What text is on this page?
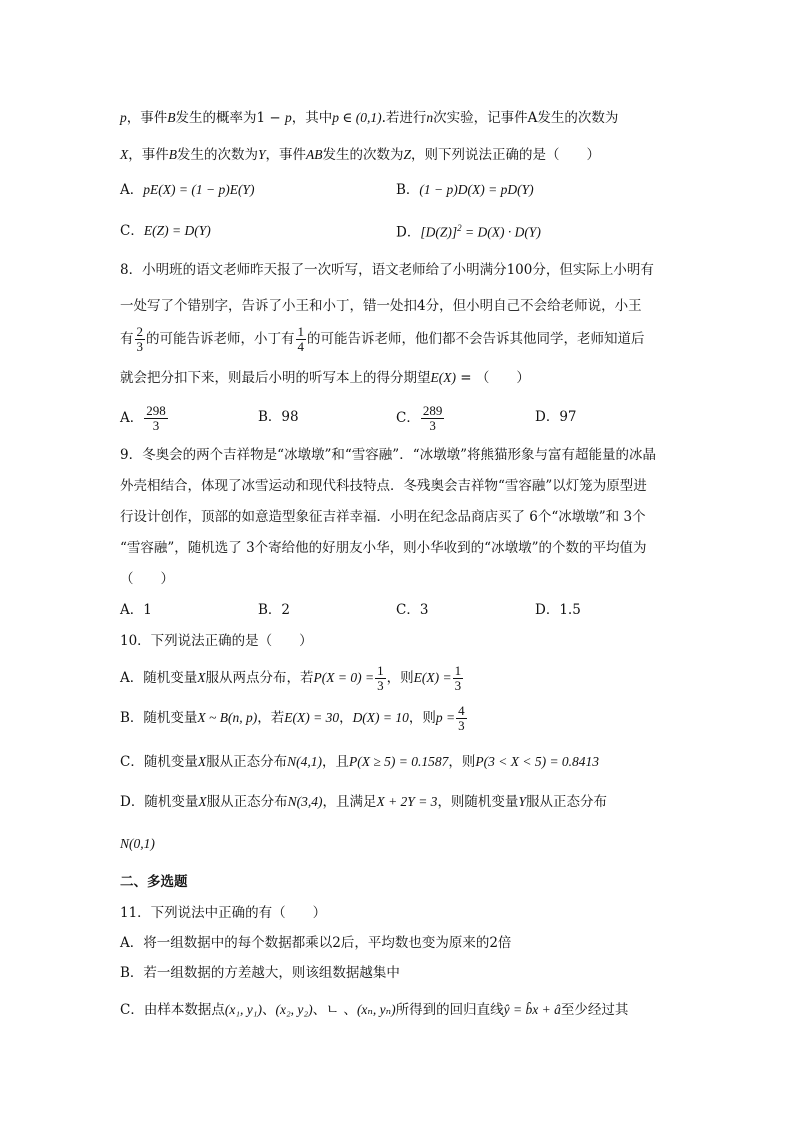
p，事件B发生的概率为1 − p，其中p ∈ (0,1).若进行n次实验，记事件A发生的次数为
X，事件B发生的次数为Y，事件AB发生的次数为Z，则下列说法正确的是（　　）
A．pE(X) = (1 − p)E(Y)	B．(1 − p)D(X) = pD(Y)
C．E(Z) = D(Y)	D．$[D(Z)]^2 = D(X) \cdot D(Y)$
8．小明班的语文老师昨天报了一次听写，语文老师给了小明满分100分，但实际上小明有
一处写了个错别字，告诉了小王和小丁，错一处扣4分，但小明自己不会给老师说，小王
有 $\frac{2}{3}$ 的可能告诉老师，小丁有 $\frac{1}{4}$ 的可能告诉老师，他们都不会告诉其他同学，老师知道后
就会把分扣下来，则最后小明的听写本上的得分期望E(X) = （　　）
A． $\frac{298}{3}$	B．98	C． $\frac{289}{3}$	D．97
9．冬奥会的两个吉祥物是“冰墩墩”和“雪容融”．“冰墩墩”将熊猫形象与富有超能量的冰晶
外壳相结合，体现了冰雪运动和现代科技特点．冬残奥会吉祥物“雪容融”以灯笼为原型进
行设计创作，顶部的如意造型象征吉祥幸福．小明在纪念品商店买了 6个“冰墩墩”和 3个
“雪容融”，随机选了 3个寄给他的好朋友小华，则小华收到的“冰墩墩”的个数的平均值为
（　　）
A．1	B．2	C．3	D．1.5
10．下列说法正确的是（　　）
A．随机变量X服从两点分布，若$P(X = 0) = \frac{1}{3}$ ，则$E(X) = \frac{1}{3}$
B．随机变量X ~ B(n, p)，若E(X) = 30，D(X) = 10，则$p = \frac{4}{3}$
C．随机变量X服从正态分布N(4,1)，且P(X ≥ 5) = 0.1587，则P(3 < X < 5) = 0.8413
D．随机变量X服从正态分布N(3,4)，且满足X + 2Y = 3，则随机变量Y服从正态分布
N(0,1)
二、多选题
11．下列说法中正确的有（　　）
A．将一组数据中的每个数据都乘以2后，平均数也变为原来的2倍
B．若一组数据的方差越大，则该组数据越集中
C．由样本数据点(x₁, y₁)、(x₂, y₂)、ㄴ 、(xₙ, yₙ)所得到的回归直线ŷ = b̂x + â至少经过其
